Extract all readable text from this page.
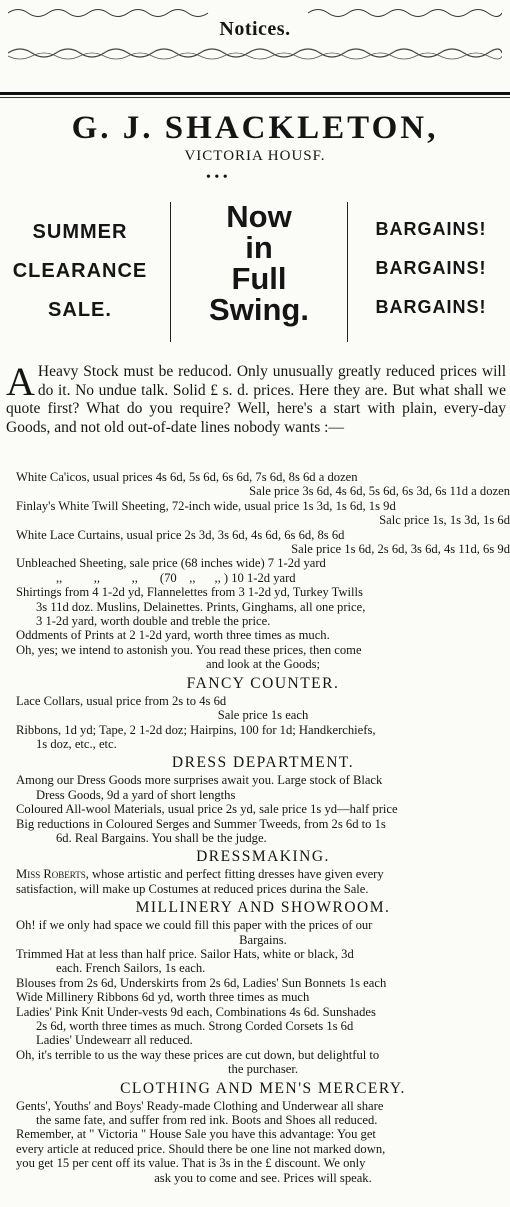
Notices.
G. J. SHACKLETON,
VICTORIA HOUSF.
• • •
SUMMER
CLEARANCE
SALE.
Now
in
Full
Swing.
BARGAINS!
BARGAINS!
BARGAINS!
A Heavy Stock must be reducod. Only unusually greatly reduced prices will do it. No undue talk. Solid £ s. d. prices. Here they are. But what shall we quote first? What do you require? Well, here's a start with plain, every-day Goods, and not old out-of-date lines nobody wants :—

White Ca'icos, usual prices 4s 6d, 5s 6d, 6s 6d, 7s 6d, 8s 6d a dozen

Sale price 3s 6d, 4s 6d, 5s 6d, 6s 3d, 6s 11d a dozen

Finlay's White Twill Sheeting, 72-inch wide, usual price 1s 3d, 1s 6d, 1s 9d

Salc price 1s, 1s 3d, 1s 6d

White Lace Curtains, usual price 2s 3d, 3s 6d, 4s 6d, 6s 6d, 8s 6d

Sale price 1s 6d, 2s 6d, 3s 6d, 4s 11d, 6s 9d

Unbleached Sheeting, sale price (68 inches wide) 7 1-2d yard

,,          ,,          ,,       (70    ,,      ,, ) 10 1-2d yard

Shirtings from 4 1-2d yd, Flannelettes from 3 1-2d yd, Turkey Twills

3s 11d doz. Muslins, Delainettes. Prints, Ginghams, all one price,

3 1-2d yard, worth double and treble the price.

Oddments of Prints at 2 1-2d yard, worth three times as much.

Oh, yes; we intend to astonish you. You read these prices, then come

and look at the Goods;

FANCY COUNTER.

Lace Collars, usual price from 2s to 4s 6d

Sale price 1s each

Ribbons, 1d yd; Tape, 2 1-2d doz; Hairpins, 100 for 1d; Handkerchiefs,

1s doz, etc., etc.

DRESS DEPARTMENT.

Among our Dress Goods more surprises await you. Large stock of Black

Dress Goods, 9d a yard of short lengths

Coloured All-wool Materials, usual price 2s yd, sale price 1s yd—half price

Big reductions in Coloured Serges and Summer Tweeds, from 2s 6d to 1s

6d. Real Bargains. You shall be the judge.

DRESSMAKING.

Miss Roberts, whose artistic and perfect fitting dresses have given every

satisfaction, will make up Costumes at reduced prices durina the Sale.

MILLINERY AND SHOWROOM.

Oh! if we only had space we could fill this paper with the prices of our

Bargains.

Trimmed Hat at less than half price. Sailor Hats, white or black, 3d

each. French Sailors, 1s each.

Blouses from 2s 6d, Underskirts from 2s 6d, Ladies' Sun Bonnets 1s each

Wide Millinery Ribbons 6d yd, worth three times as much

Ladies' Pink Knit Under-vests 9d each, Combinations 4s 6d. Sunshades

2s 6d, worth three times as much. Strong Corded Corsets 1s 6d

Ladies' Undewearr all reduced.

Oh, it's terrible to us the way these prices are cut down, but delightful to

the purchaser.

CLOTHING AND MEN'S MERCERY.

Gents', Youths' and Boys' Ready-made Clothing and Underwear all share

the same fate, and suffer from red ink. Boots and Shoes all reduced.

Remember, at " Victoria " House Sale you have this advantage: You get

every article at reduced price. Should there be one line not marked down,

you get 15 per cent off its value. That is 3s in the £ discount. We only

ask you to come and see. Prices will speak.
